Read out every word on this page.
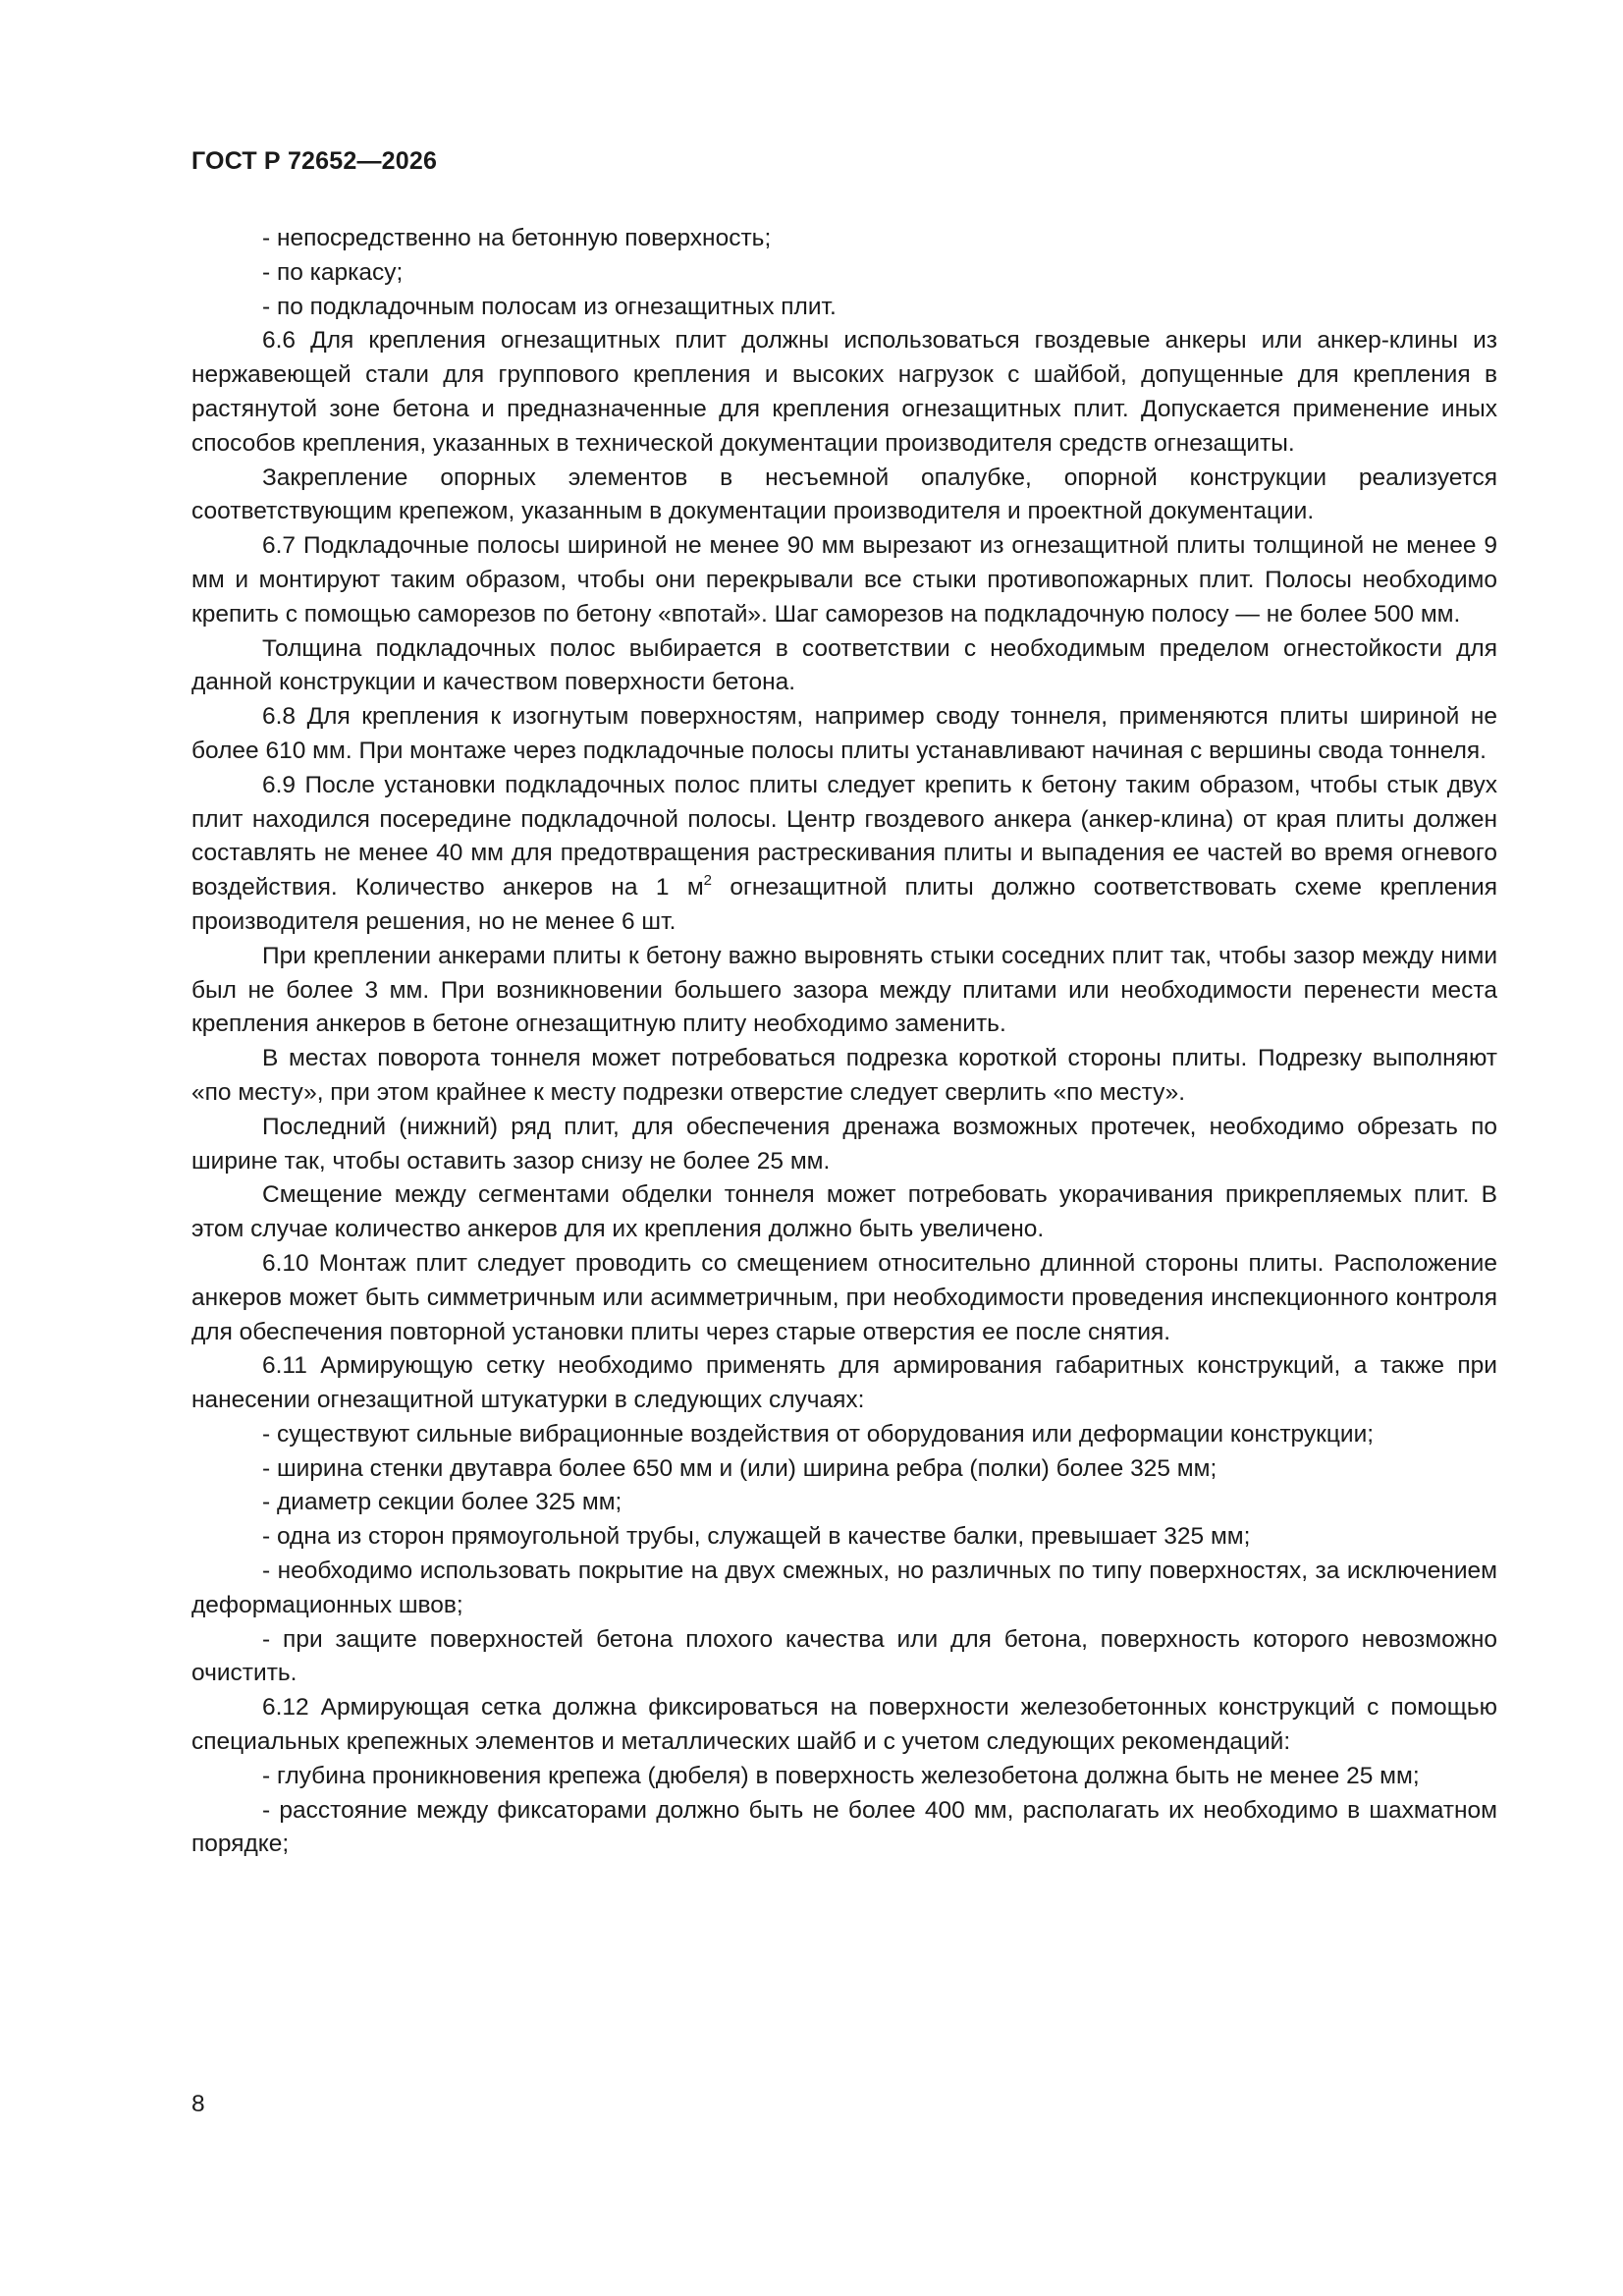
ГОСТ Р 72652—2026

- непосредственно на бетонную поверхность;

- по каркасу;

- по подкладочным полосам из огнезащитных плит.

6.6 Для крепления огнезащитных плит должны использоваться гвоздевые анкеры или анкер-клины из нержавеющей стали для группового крепления и высоких нагрузок с шайбой, допущенные для крепления в растянутой зоне бетона и предназначенные для крепления огнезащитных плит. Допускается применение иных способов крепления, указанных в технической документации производителя средств огнезащиты.

Закрепление опорных элементов в несъемной опалубке, опорной конструкции реализуется соответствующим крепежом, указанным в документации производителя и проектной документации.

6.7 Подкладочные полосы шириной не менее 90 мм вырезают из огнезащитной плиты толщиной не менее 9 мм и монтируют таким образом, чтобы они перекрывали все стыки противопожарных плит. Полосы необходимо крепить с помощью саморезов по бетону «впотай». Шаг саморезов на подкладочную полосу — не более 500 мм.

Толщина подкладочных полос выбирается в соответствии с необходимым пределом огнестойкости для данной конструкции и качеством поверхности бетона.

6.8 Для крепления к изогнутым поверхностям, например своду тоннеля, применяются плиты шириной не более 610 мм. При монтаже через подкладочные полосы плиты устанавливают начиная с вершины свода тоннеля.

6.9 После установки подкладочных полос плиты следует крепить к бетону таким образом, чтобы стык двух плит находился посередине подкладочной полосы. Центр гвоздевого анкера (анкер-клина) от края плиты должен составлять не менее 40 мм для предотвращения растрескивания плиты и выпадения ее частей во время огневого воздействия. Количество анкеров на 1 $м^2$ огнезащитной плиты должно соответствовать схеме крепления производителя решения, но не менее 6 шт.

При креплении анкерами плиты к бетону важно выровнять стыки соседних плит так, чтобы зазор между ними был не более 3 мм. При возникновении большего зазора между плитами или необходимости перенести места крепления анкеров в бетоне огнезащитную плиту необходимо заменить.

В местах поворота тоннеля может потребоваться подрезка короткой стороны плиты. Подрезку выполняют «по месту», при этом крайнее к месту подрезки отверстие следует сверлить «по месту».

Последний (нижний) ряд плит, для обеспечения дренажа возможных протечек, необходимо обрезать по ширине так, чтобы оставить зазор снизу не более 25 мм.

Смещение между сегментами обделки тоннеля может потребовать укорачивания прикрепляемых плит. В этом случае количество анкеров для их крепления должно быть увеличено.

6.10 Монтаж плит следует проводить со смещением относительно длинной стороны плиты. Расположение анкеров может быть симметричным или асимметричным, при необходимости проведения инспекционного контроля для обеспечения повторной установки плиты через старые отверстия ее после снятия.

6.11 Армирующую сетку необходимо применять для армирования габаритных конструкций, а также при нанесении огнезащитной штукатурки в следующих случаях:

- существуют сильные вибрационные воздействия от оборудования или деформации конструкции;

- ширина стенки двутавра более 650 мм и (или) ширина ребра (полки) более 325 мм;

- диаметр секции более 325 мм;

- одна из сторон прямоугольной трубы, служащей в качестве балки, превышает 325 мм;

- необходимо использовать покрытие на двух смежных, но различных по типу поверхностях, за исключением деформационных швов;

- при защите поверхностей бетона плохого качества или для бетона, поверхность которого невозможно очистить.

6.12 Армирующая сетка должна фиксироваться на поверхности железобетонных конструкций с помощью специальных крепежных элементов и металлических шайб и с учетом следующих рекомендаций:

- глубина проникновения крепежа (дюбеля) в поверхность железобетона должна быть не менее 25 мм;

- расстояние между фиксаторами должно быть не более 400 мм, располагать их необходимо в шахматном порядке;

8
